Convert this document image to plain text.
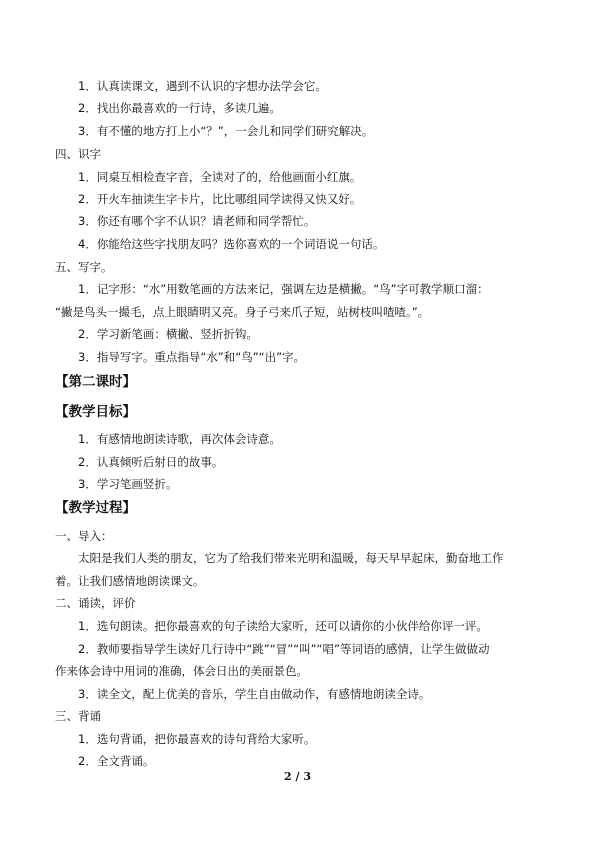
1．认真读课文，遇到不认识的字想办法学会它。
2．找出你最喜欢的一行诗，多读几遍。
3．有不懂的地方打上小“？”，一会儿和同学们研究解决。
四、识字
1．同桌互相检查字音，全读对了的，给他画面小红旗。
2．开火车抽读生字卡片，比比哪组同学读得又快又好。
3．你还有哪个字不认识？请老师和同学帮忙。
4．你能给这些字找朋友吗？选你喜欢的一个词语说一句话。
五、写字。
1．记字形：“水”用数笔画的方法来记，强调左边是横撇。“鸟”字可教学顺口溜：
“撇是鸟头一撮毛，点上眼睛明又亮。身子弓来爪子短，站树枝叫喳喳。”。
2．学习新笔画：横撇、竖折折钩。
3．指导写字。重点指导“水”和“鸟”“出”字。
【第二课时】
【教学目标】
1．有感情地朗读诗歌，再次体会诗意。
2．认真倾听后射日的故事。
3．学习笔画竖折。
【教学过程】
一、导入：
太阳是我们人类的朋友，它为了给我们带来光明和温暖，每天早早起床，勤奋地工作
着。让我们感情地朗读课文。
二、诵读，评价
1．选句朗读。把你最喜欢的句子读给大家听，还可以请你的小伙伴给你评一评。
2．教师要指导学生读好几行诗中“跳”“冒”“叫”“唱”等词语的感情，让学生做做动
作来体会诗中用词的准确，体会日出的美丽景色。
3．读全文，配上优美的音乐，学生自由做动作，有感情地朗读全诗。
三、背诵
1．选句背诵，把你最喜欢的诗句背给大家听。
2．全文背诵。
2 / 3
